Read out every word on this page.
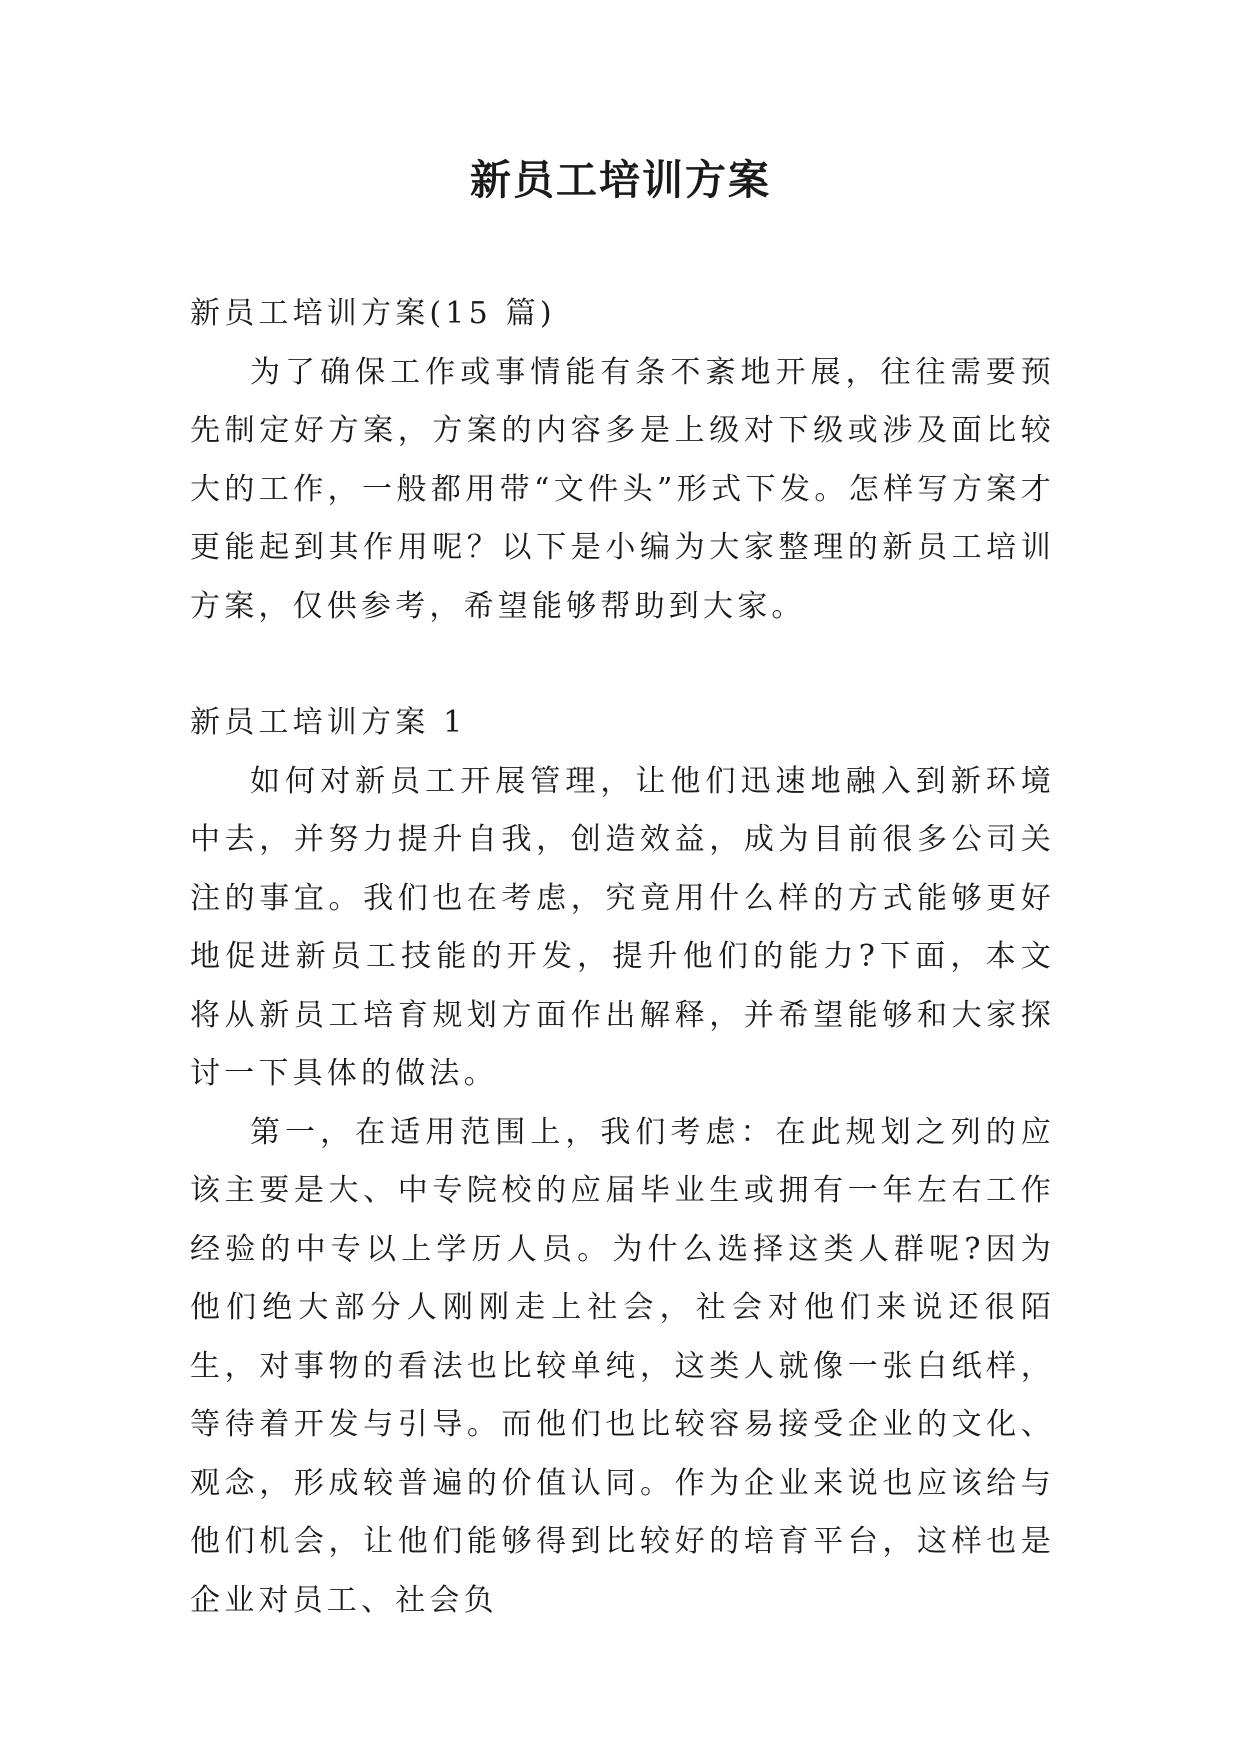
新员工培训方案

新员工培训方案(15 篇)

为了确保工作或事情能有条不紊地开展，往往需要预先制定好方案，方案的内容多是上级对下级或涉及面比较大的工作，一般都用带“文件头”形式下发。怎样写方案才更能起到其作用呢？以下是小编为大家整理的新员工培训方案，仅供参考，希望能够帮助到大家。

新员工培训方案 1

如何对新员工开展管理，让他们迅速地融入到新环境中去，并努力提升自我，创造效益，成为目前很多公司关注的事宜。我们也在考虑，究竟用什么样的方式能够更好地促进新员工技能的开发，提升他们的能力?下面，本文将从新员工培育规划方面作出解释，并希望能够和大家探讨一下具体的做法。

第一，在适用范围上，我们考虑：在此规划之列的应该主要是大、中专院校的应届毕业生或拥有一年左右工作经验的中专以上学历人员。为什么选择这类人群呢?因为他们绝大部分人刚刚走上社会，社会对他们来说还很陌生，对事物的看法也比较单纯，这类人就像一张白纸样，等待着开发与引导。而他们也比较容易接受企业的文化、观念，形成较普遍的价值认同。作为企业来说也应该给与他们机会，让他们能够得到比较好的培育平台，这样也是企业对员工、社会负
